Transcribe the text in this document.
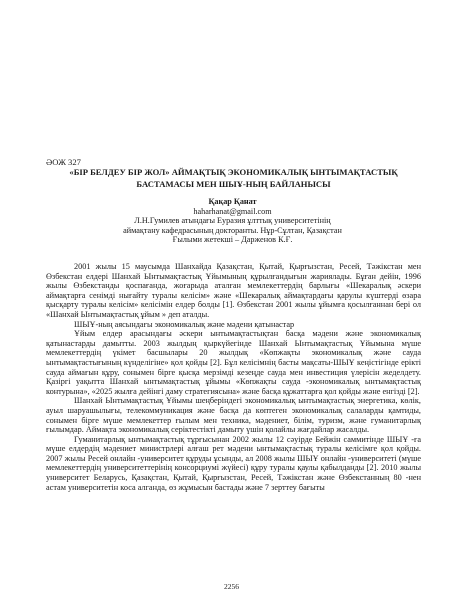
ӘОЖ 327
«БІР БЕЛДЕУ БІР ЖОЛ» АЙМАҚТЫҚ ЭКОНОМИКАЛЫҚ ЫНТЫМАҚТАСТЫҚ
БАСТАМАСЫ МЕН ШЫҰ-НЫҢ БАЙЛАНЫСЫ
Қақар Қанат
haharhanat@gmail.com
Л.Н.Гумилев атындағы Еуразия ұлттық университетінің
аймақтану кафедрасының докторанты. Нұр-Сұлтан, Қазақстан
Ғылыми жетекші – Дарженов К.Ғ.

2001 жылы 15 маусымда Шанхайда Қазақстан, Қытай, Қырғызстан, Ресей, Тәжікстан мен Өзбекстан елдері Шанхай Ынтымақтастық Ұйымының құрылғандығын жариялады. Бұған дейін, 1996 жылы Өзбекстанды қоспағанда, жоғарыда аталған мемлекеттердің барлығы «Шекаралық әскери аймақтарға сенімді нығайту туралы келісім» және «Шекаралық аймақтардағы қарулы күштерді өзара қысқарту туралы келісім» келісімін елдер болды [1]. Өзбекстан 2001 жылы ұйымға қосылғаннан бері ол «Шанхай Ынтымақтастық ұйым » деп аталды.

ШЫҰ-ның аясындағы экономикалық және мәдени қатынастар

Ұйым елдер арасындағы әскери ынтымақтастықтан басқа мәдени және экономикалық қатынастарды дамытты. 2003 жылдың қыркүйегінде Шанхай Ынтымақтастық Ұйымына мүше мемлекеттердің үкімет басшылары 20 жылдық «Көпжақты экономикалық және сауда ынтымақтастығының күнделігіне» қол қойды [2]. Бұл келісімнің басты мақсаты-ШЫҰ кеңістігінде ерікті сауда аймағын құру, сонымен бірге қысқа мерзімді кезеңде сауда мен инвестиция үлерісін жеделдету. Қазіргі уақытта Шанхай ынтымақтастық ұйымы «Көпжақты сауда -экономикалық ынтымақтастық контурына», «2025 жылға дейінгі даму стратегиясына» және басқа құжаттарға қол қойды және енгізді [2].

Шанхай Ынтымақтастық Ұйымы шеңберіндегі экономикалық ынтымақтастық энергетика, көлік, ауыл шаруашылығы, телекоммуникация және басқа да көптеген экономикалық салаларды қамтиды, сонымен бірге мүше мемлекеттер ғылым мен техника, мәдениет, білім, туризм, және гуманитарлық ғылымдар. Аймақта экономикалық серіктестікті дамыту үшін қолайлы жағдайлар жасалды.

Гуманитарлық ынтымақтастық тұрғысынан 2002 жылы 12 сәуірде Бейжін саммитінде ШЫҰ -ға мүше елдердің мәдениет министрлері алғаш рет мәдени ынтымақтастық туралы келісімге қол қойды. 2007 жылы Ресей онлайн -университет құруды ұсынды, ал 2008 жылы ШЫҰ онлайн -университеті (мүше мемлекеттердің университеттерінің консорциумі жүйесі) құру туралы қаулы қабылданды [2]. 2010 жылы университет Беларусь, Қазақстан, Қытай, Қырғызстан, Ресей, Тәжікстан және Өзбекстанның 80 -нен астам университетін коса алганда, өз жұмысын бастады және 7 зерттеу бағыты

2256
